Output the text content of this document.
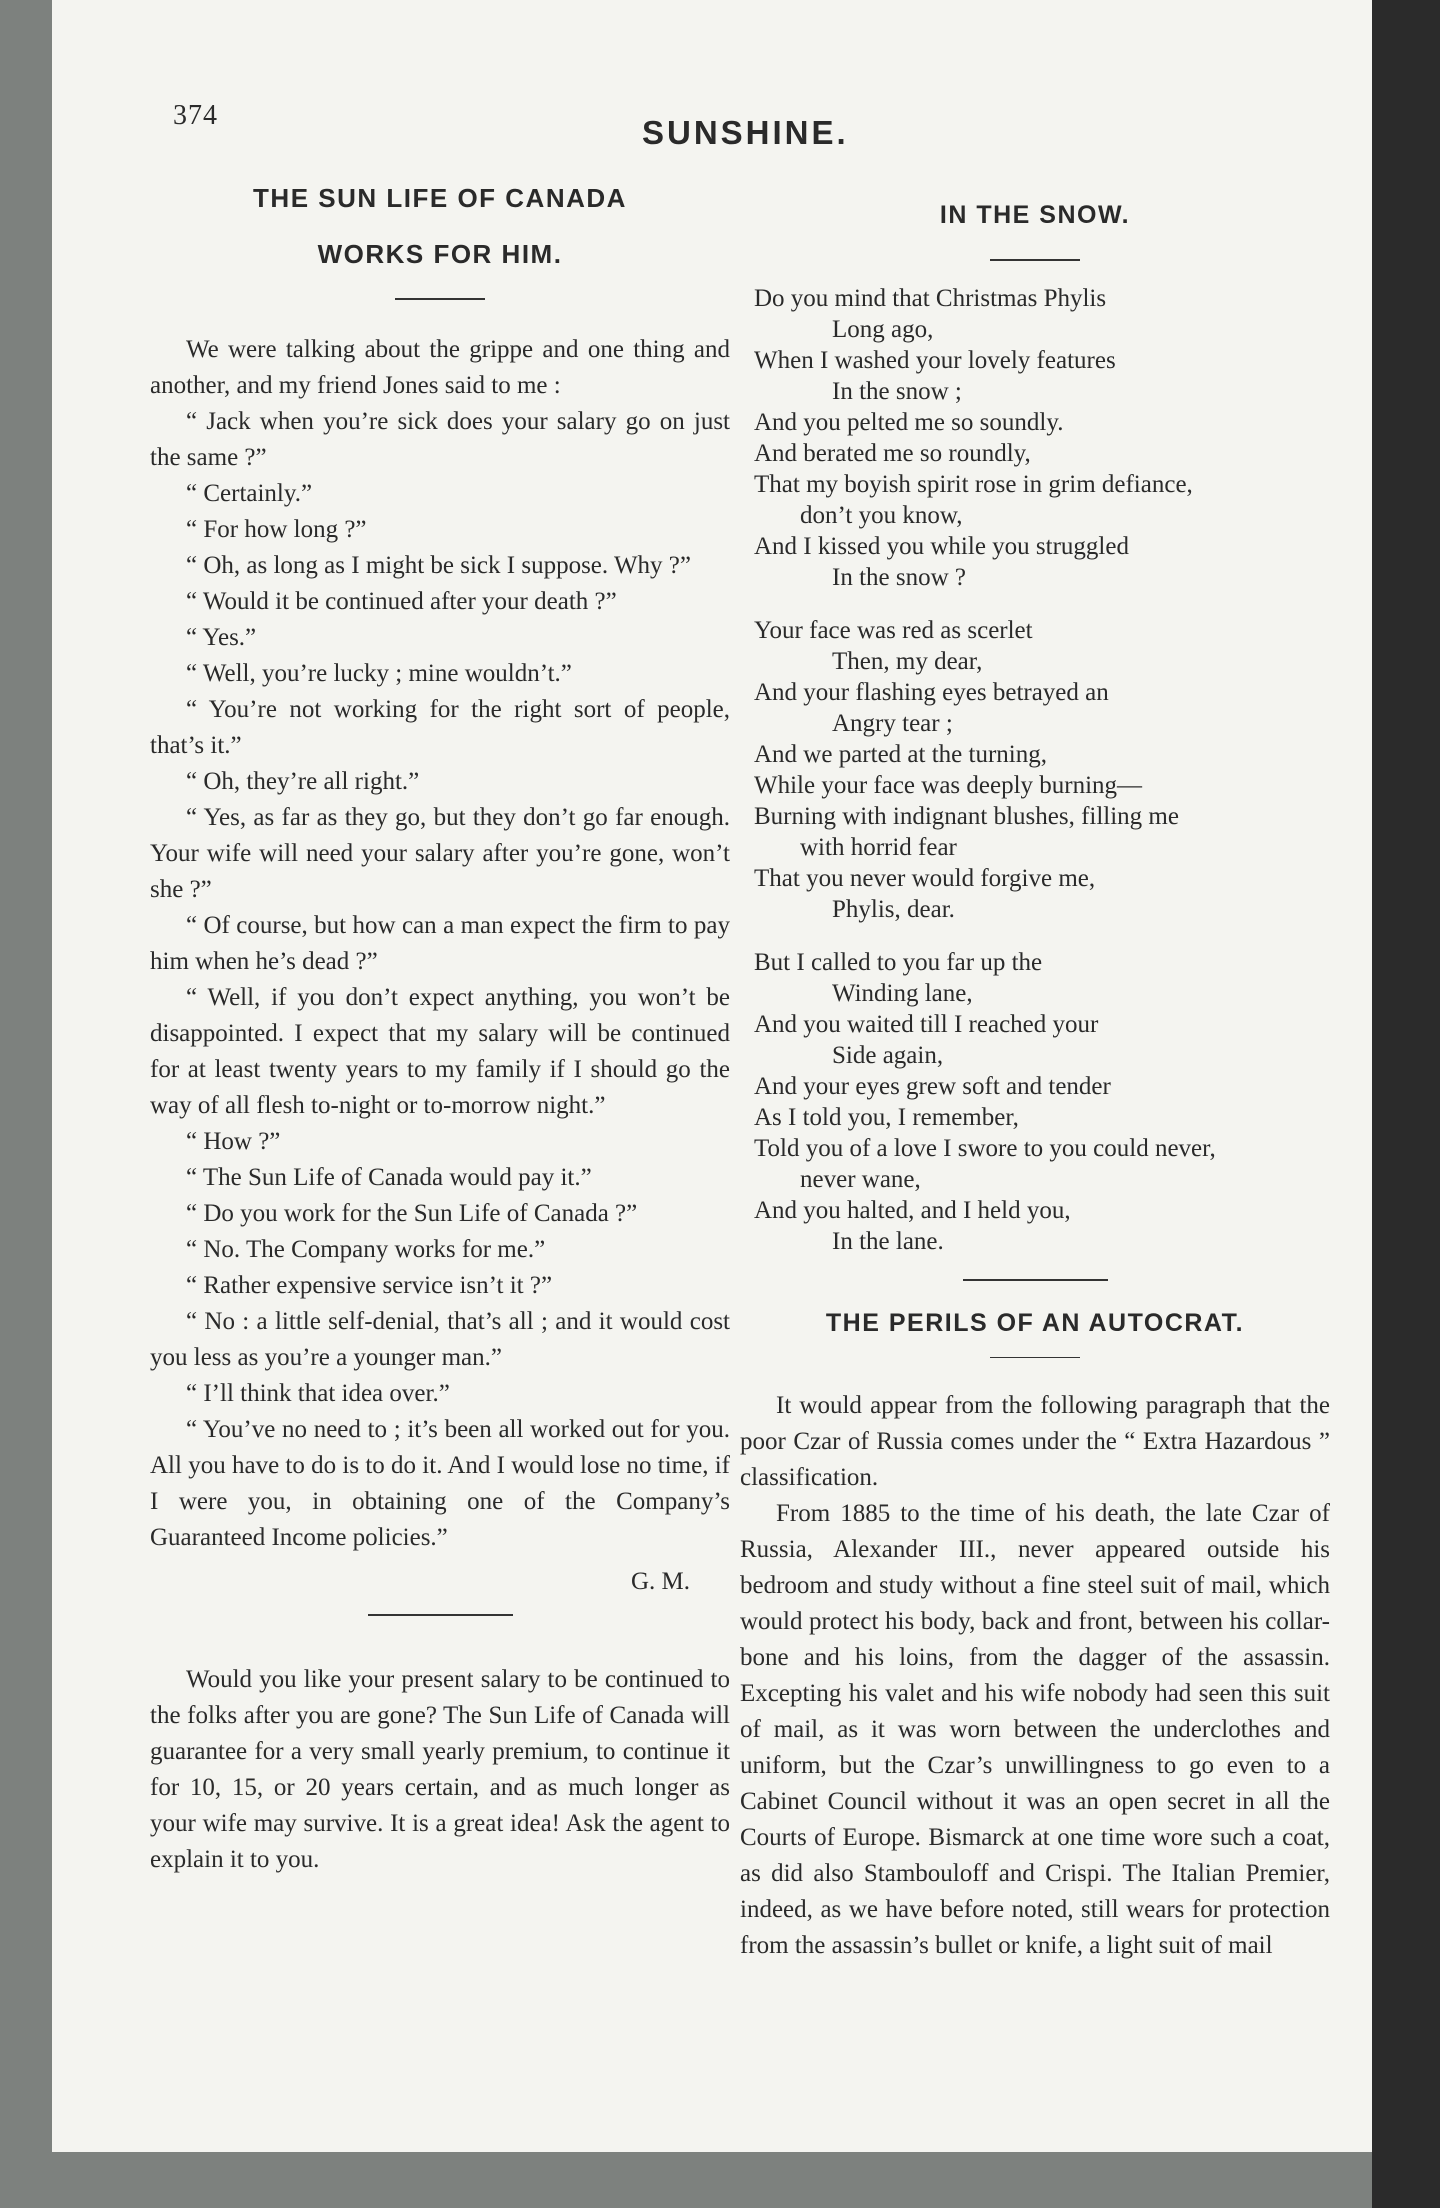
374	SUNSHINE.
THE SUN LIFE OF CANADA
WORKS FOR HIM.

We were talking about the grippe and one thing and another, and my friend Jones said to me :

“ Jack when you’re sick does your salary go on just the same ?”

“ Certainly.”

“ For how long ?”

“ Oh, as long as I might be sick I suppose. Why ?”

“ Would it be continued after your death ?”

“ Yes.”

“ Well, you’re lucky ; mine wouldn’t.”

“ You’re not working for the right sort of people, that’s it.”

“ Oh, they’re all right.”

“ Yes, as far as they go, but they don’t go far enough. Your wife will need your salary after you’re gone, won’t she ?”

“ Of course, but how can a man expect the firm to pay him when he’s dead ?”

“ Well, if you don’t expect anything, you won’t be disappointed. I expect that my salary will be continued for at least twenty years to my family if I should go the way of all flesh to-night or to-morrow night.”

“ How ?”

“ The Sun Life of Canada would pay it.”

“ Do you work for the Sun Life of Canada ?”

“ No. The Company works for me.”

“ Rather expensive service isn’t it ?”

“ No : a little self-denial, that’s all ; and it would cost you less as you’re a younger man.”

“ I’ll think that idea over.”

“ You’ve no need to ; it’s been all worked out for you. All you have to do is to do it. And I would lose no time, if I were you, in obtaining one of the Company’s Guaranteed Income policies.”

G. M.

Would you like your present salary to be continued to the folks after you are gone? The Sun Life of Canada will guarantee for a very small yearly premium, to continue it for 10, 15, or 20 years certain, and as much longer as your wife may survive. It is a great idea! Ask the agent to explain it to you.

IN THE SNOW.
Do you mind that Christmas Phylis
Long ago,
When I washed your lovely features
In the snow ;
And you pelted me so soundly.
And berated me so roundly,
That my boyish spirit rose in grim defiance,
don’t you know,
And I kissed you while you struggled
In the snow ?
Your face was red as scerlet
Then, my dear,
And your flashing eyes betrayed an
Angry tear ;
And we parted at the turning,
While your face was deeply burning—
Burning with indignant blushes, filling me
with horrid fear
That you never would forgive me,
Phylis, dear.
But I called to you far up the
Winding lane,
And you waited till I reached your
Side again,
And your eyes grew soft and tender
As I told you, I remember,
Told you of a love I swore to you could never,
never wane,
And you halted, and I held you,
In the lane.
THE PERILS OF AN AUTOCRAT.

It would appear from the following paragraph that the poor Czar of Russia comes under the “ Extra Hazardous ” classification.

From 1885 to the time of his death, the late Czar of Russia, Alexander III., never appeared outside his bedroom and study without a fine steel suit of mail, which would protect his body, back and front, between his collar-bone and his loins, from the dagger of the assassin. Excepting his valet and his wife nobody had seen this suit of mail, as it was worn between the underclothes and uniform, but the Czar’s unwillingness to go even to a Cabinet Council without it was an open secret in all the Courts of Europe. Bismarck at one time wore such a coat, as did also Stambouloff and Crispi. The Italian Premier, indeed, as we have before noted, still wears for protection from the assassin’s bullet or knife, a light suit of mail
